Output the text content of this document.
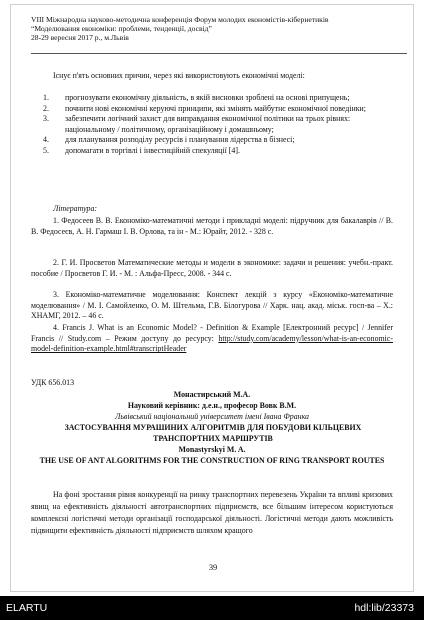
VIII Міжнародна науково-методична конференція Форум молодих економістів-кібернетиків
“Моделювання економіки: проблеми, тенденції, досвід”
28-29 вересня 2017 р., м.Львів
Існує п'ять основних причин, через які використовують економічні моделі:
1.	прогнозувати економічну діяльність, в якій висновки зроблені на основі припущень;
2.	почнити нові економічні керуючі принципи, які змінять майбутнє економічної поведінки;
3.	забезпечити логічний захист для виправдання економічної політики на трьох рівнях: національному / політичному, організаційному і домашньому;
4.	для планування розподілу ресурсів і планування лідерства в бізнесі;
5.	допомагати в торгівлі і інвестиційній спекуляції [4].
Література:
1. Федосеев В. В. Економіко-математичні методи і прикладні моделі: підручник для бакалаврів // В. В. Федосеєв, А. Н. Гармаш І. В. Орлова, та ін - М.: Юрайт, 2012. - 328 с.
2. Г. И. Просветов Математические методы и модели в экономике: задачи и решения: учебн.-практ. пособие / Просветов Г. И. - М. : Альфа-Пресс, 2008. - 344 с.
3. Економіко-математичне моделювання: Конспект лекцій з курсу «Економіко-математичне моделювання» / М. І. Самойленко, О. М. Штельма, Г.В. Білогурова // Харк. нац. акад. міськ. госп-ва – Х.: ХНАМГ, 2012. – 46 с.
4. Francis J. What is an Economic Model? - Definition & Example [Електронний ресурс] / Jennifer Francis // Study.com – Режим доступу до ресурсу: http://study.com/academy/lesson/what-is-an-economic-model-definition-example.html#transcriptHeader
УДК 656.013
Монастирський М.А.
Науковий керівник: д.е.н., професор Вовк В.М.
Львівський національний університет імені Івана Франка
ЗАСТОСУВАННЯ МУРАШИНИХ АЛГОРИТМІВ ДЛЯ ПОБУДОВИ КІЛЬЦЕВИХ ТРАНСПОРТНИХ МАРШРУТІВ
Monastyrskyi M. A.
THE USE OF ANT ALGORITHMS FOR THE CONSTRUCTION OF RING TRANSPORT ROUTES
На фоні зростання рівня конкуренції на ринку транспортних перевезень України та впливі кризових явищ на ефективність діяльності автотранспортних підприємств, все більшим інтересом користуються комплексні логістичні методи організації господарської діяльності. Логістичні методи дають можливість підвищити ефективність діяльності підприємств шляхом кращого
39
ELARTU	hdl:lib/23373
